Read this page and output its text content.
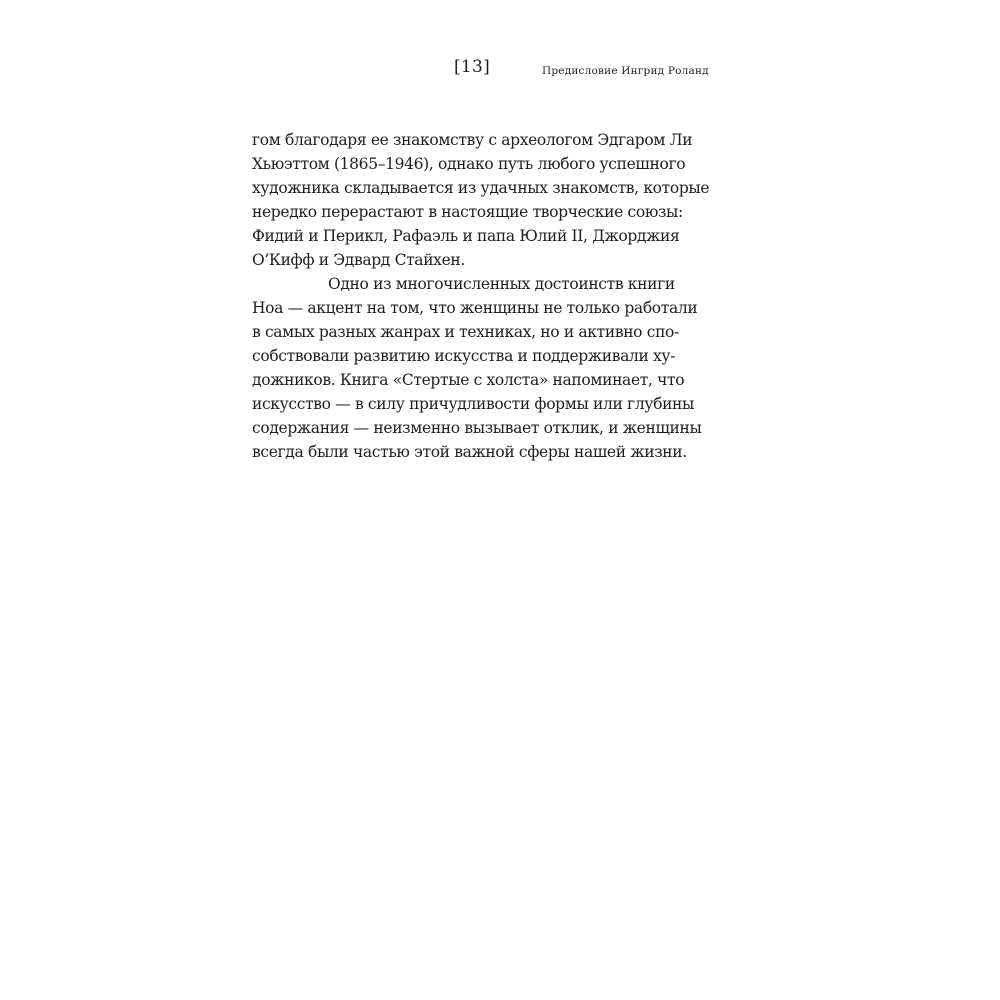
[13]	Предисловие Ингрид Роланд
гом благодаря ее знакомству с археологом Эдгаром Ли
Хьюэттом (1865–1946), однако путь любого успешного
художника складывается из удачных знакомств, которые
нередко перерастают в настоящие творческие союзы:
Фидий и Перикл, Рафаэль и папа Юлий II, Джорджия
О’Кифф и Эдвард Стайхен.
Одно из многочисленных достоинств книги
Ноа — акцент на том, что женщины не только работали
в самых разных жанрах и техниках, но и активно спо-
собствовали развитию искусства и поддерживали ху-
дожников. Книга «Стертые с холста» напоминает, что
искусство — в силу причудливости формы или глубины
содержания — неизменно вызывает отклик, и женщины
всегда были частью этой важной сферы нашей жизни.
